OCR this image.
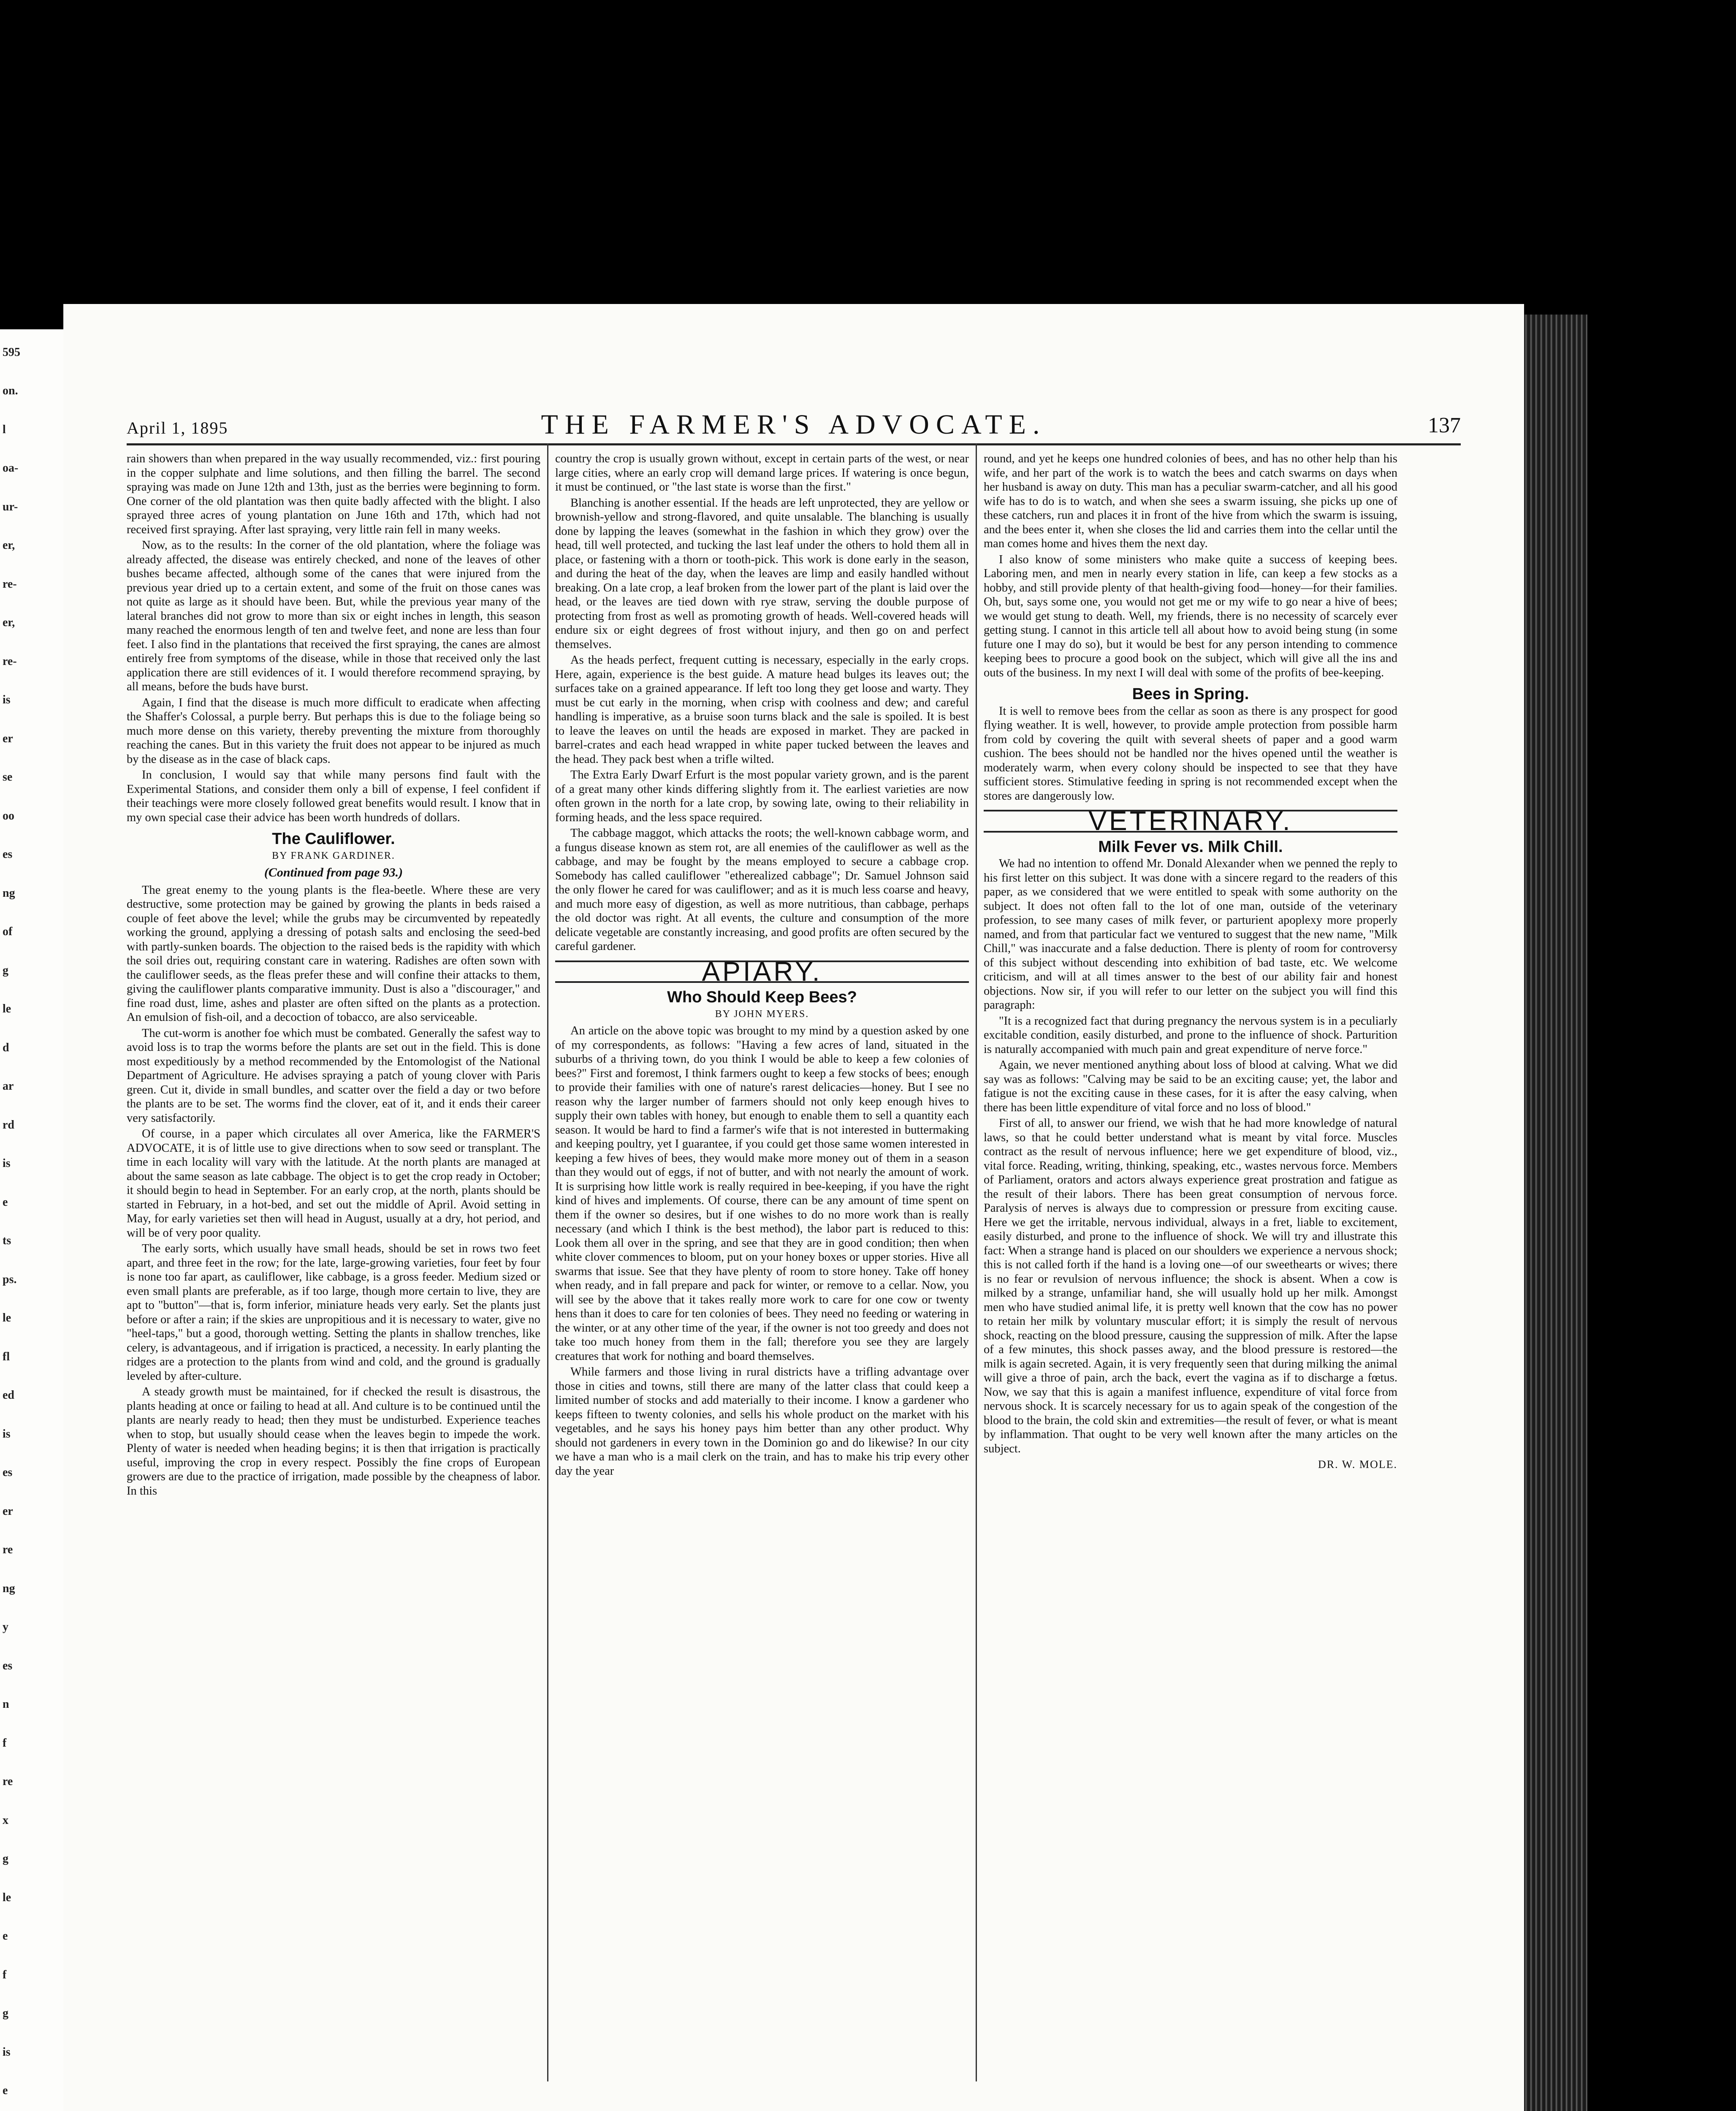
595
on.
l
oa-
ur-
er,
re-
er,
re-
is
er
se
oo
es
ng
of
g
le
d
ar
rd
is
e
ts
ps.
le
fl
ed
is
es
er
re
ng
y
es
n
f
re
x
g
le
e
f
g
is
e
April 1, 1895	THE FARMER'S ADVOCATE.	137

rain showers than when prepared in the way usually recommended, viz.: first pouring in the copper sulphate and lime solutions, and then filling the barrel. The second spraying was made on June 12th and 13th, just as the berries were beginning to form. One corner of the old plantation was then quite badly affected with the blight. I also sprayed three acres of young plantation on June 16th and 17th, which had not received first spraying. After last spraying, very little rain fell in many weeks.

Now, as to the results: In the corner of the old plantation, where the foliage was already affected, the disease was entirely checked, and none of the leaves of other bushes became affected, although some of the canes that were injured from the previous year dried up to a certain extent, and some of the fruit on those canes was not quite as large as it should have been. But, while the previous year many of the lateral branches did not grow to more than six or eight inches in length, this season many reached the enormous length of ten and twelve feet, and none are less than four feet. I also find in the plantations that received the first spraying, the canes are almost entirely free from symptoms of the disease, while in those that received only the last application there are still evidences of it. I would therefore recommend spraying, by all means, before the buds have burst.

Again, I find that the disease is much more difficult to eradicate when affecting the Shaffer's Colossal, a purple berry. But perhaps this is due to the foliage being so much more dense on this variety, thereby preventing the mixture from thoroughly reaching the canes. But in this variety the fruit does not appear to be injured as much by the disease as in the case of black caps.

In conclusion, I would say that while many persons find fault with the Experimental Stations, and consider them only a bill of expense, I feel confident if their teachings were more closely followed great benefits would result. I know that in my own special case their advice has been worth hundreds of dollars.

The Cauliflower.
BY FRANK GARDINER.
(Continued from page 93.)

The great enemy to the young plants is the flea-beetle. Where these are very destructive, some protection may be gained by growing the plants in beds raised a couple of feet above the level; while the grubs may be circumvented by repeatedly working the ground, applying a dressing of potash salts and enclosing the seed-bed with partly-sunken boards. The objection to the raised beds is the rapidity with which the soil dries out, requiring constant care in watering. Radishes are often sown with the cauliflower seeds, as the fleas prefer these and will confine their attacks to them, giving the cauliflower plants comparative immunity. Dust is also a "discourager," and fine road dust, lime, ashes and plaster are often sifted on the plants as a protection. An emulsion of fish-oil, and a decoction of tobacco, are also serviceable.

The cut-worm is another foe which must be combated. Generally the safest way to avoid loss is to trap the worms before the plants are set out in the field. This is done most expeditiously by a method recommended by the Entomologist of the National Department of Agriculture. He advises spraying a patch of young clover with Paris green. Cut it, divide in small bundles, and scatter over the field a day or two before the plants are to be set. The worms find the clover, eat of it, and it ends their career very satisfactorily.

Of course, in a paper which circulates all over America, like the FARMER'S ADVOCATE, it is of little use to give directions when to sow seed or transplant. The time in each locality will vary with the latitude. At the north plants are managed at about the same season as late cabbage. The object is to get the crop ready in October; it should begin to head in September. For an early crop, at the north, plants should be started in February, in a hot-bed, and set out the middle of April. Avoid setting in May, for early varieties set then will head in August, usually at a dry, hot period, and will be of very poor quality.

The early sorts, which usually have small heads, should be set in rows two feet apart, and three feet in the row; for the late, large-growing varieties, four feet by four is none too far apart, as cauliflower, like cabbage, is a gross feeder. Medium sized or even small plants are preferable, as if too large, though more certain to live, they are apt to "button"—that is, form inferior, miniature heads very early. Set the plants just before or after a rain; if the skies are unpropitious and it is necessary to water, give no "heel-taps," but a good, thorough wetting. Setting the plants in shallow trenches, like celery, is advantageous, and if irrigation is practiced, a necessity. In early planting the ridges are a protection to the plants from wind and cold, and the ground is gradually leveled by after-culture.

A steady growth must be maintained, for if checked the result is disastrous, the plants heading at once or failing to head at all. And culture is to be continued until the plants are nearly ready to head; then they must be undisturbed. Experience teaches when to stop, but usually should cease when the leaves begin to impede the work. Plenty of water is needed when heading begins; it is then that irrigation is practically useful, improving the crop in every respect. Possibly the fine crops of European growers are due to the practice of irrigation, made possible by the cheapness of labor. In this

country the crop is usually grown without, except in certain parts of the west, or near large cities, where an early crop will demand large prices. If watering is once begun, it must be continued, or "the last state is worse than the first."

Blanching is another essential. If the heads are left unprotected, they are yellow or brownish-yellow and strong-flavored, and quite unsalable. The blanching is usually done by lapping the leaves (somewhat in the fashion in which they grow) over the head, till well protected, and tucking the last leaf under the others to hold them all in place, or fastening with a thorn or tooth-pick. This work is done early in the season, and during the heat of the day, when the leaves are limp and easily handled without breaking. On a late crop, a leaf broken from the lower part of the plant is laid over the head, or the leaves are tied down with rye straw, serving the double purpose of protecting from frost as well as promoting growth of heads. Well-covered heads will endure six or eight degrees of frost without injury, and then go on and perfect themselves.

As the heads perfect, frequent cutting is necessary, especially in the early crops. Here, again, experience is the best guide. A mature head bulges its leaves out; the surfaces take on a grained appearance. If left too long they get loose and warty. They must be cut early in the morning, when crisp with coolness and dew; and careful handling is imperative, as a bruise soon turns black and the sale is spoiled. It is best to leave the leaves on until the heads are exposed in market. They are packed in barrel-crates and each head wrapped in white paper tucked between the leaves and the head. They pack best when a trifle wilted.

The Extra Early Dwarf Erfurt is the most popular variety grown, and is the parent of a great many other kinds differing slightly from it. The earliest varieties are now often grown in the north for a late crop, by sowing late, owing to their reliability in forming heads, and the less space required.

The cabbage maggot, which attacks the roots; the well-known cabbage worm, and a fungus disease known as stem rot, are all enemies of the cauliflower as well as the cabbage, and may be fought by the means employed to secure a cabbage crop. Somebody has called cauliflower "etherealized cabbage"; Dr. Samuel Johnson said the only flower he cared for was cauliflower; and as it is much less coarse and heavy, and much more easy of digestion, as well as more nutritious, than cabbage, perhaps the old doctor was right. At all events, the culture and consumption of the more delicate vegetable are constantly increasing, and good profits are often secured by the careful gardener.

APIARY.
Who Should Keep Bees?
BY JOHN MYERS.

An article on the above topic was brought to my mind by a question asked by one of my correspondents, as follows: "Having a few acres of land, situated in the suburbs of a thriving town, do you think I would be able to keep a few colonies of bees?" First and foremost, I think farmers ought to keep a few stocks of bees; enough to provide their families with one of nature's rarest delicacies—honey. But I see no reason why the larger number of farmers should not only keep enough hives to supply their own tables with honey, but enough to enable them to sell a quantity each season. It would be hard to find a farmer's wife that is not interested in buttermaking and keeping poultry, yet I guarantee, if you could get those same women interested in keeping a few hives of bees, they would make more money out of them in a season than they would out of eggs, if not of butter, and with not nearly the amount of work. It is surprising how little work is really required in bee-keeping, if you have the right kind of hives and implements. Of course, there can be any amount of time spent on them if the owner so desires, but if one wishes to do no more work than is really necessary (and which I think is the best method), the labor part is reduced to this: Look them all over in the spring, and see that they are in good condition; then when white clover commences to bloom, put on your honey boxes or upper stories. Hive all swarms that issue. See that they have plenty of room to store honey. Take off honey when ready, and in fall prepare and pack for winter, or remove to a cellar. Now, you will see by the above that it takes really more work to care for one cow or twenty hens than it does to care for ten colonies of bees. They need no feeding or watering in the winter, or at any other time of the year, if the owner is not too greedy and does not take too much honey from them in the fall; therefore you see they are largely creatures that work for nothing and board themselves.

While farmers and those living in rural districts have a trifling advantage over those in cities and towns, still there are many of the latter class that could keep a limited number of stocks and add materially to their income. I know a gardener who keeps fifteen to twenty colonies, and sells his whole product on the market with his vegetables, and he says his honey pays him better than any other product. Why should not gardeners in every town in the Dominion go and do likewise? In our city we have a man who is a mail clerk on the train, and has to make his trip every other day the year

round, and yet he keeps one hundred colonies of bees, and has no other help than his wife, and her part of the work is to watch the bees and catch swarms on days when her husband is away on duty. This man has a peculiar swarm-catcher, and all his good wife has to do is to watch, and when she sees a swarm issuing, she picks up one of these catchers, run and places it in front of the hive from which the swarm is issuing, and the bees enter it, when she closes the lid and carries them into the cellar until the man comes home and hives them the next day.

I also know of some ministers who make quite a success of keeping bees. Laboring men, and men in nearly every station in life, can keep a few stocks as a hobby, and still provide plenty of that health-giving food—honey—for their families. Oh, but, says some one, you would not get me or my wife to go near a hive of bees; we would get stung to death. Well, my friends, there is no necessity of scarcely ever getting stung. I cannot in this article tell all about how to avoid being stung (in some future one I may do so), but it would be best for any person intending to commence keeping bees to procure a good book on the subject, which will give all the ins and outs of the business. In my next I will deal with some of the profits of bee-keeping.

Bees in Spring.

It is well to remove bees from the cellar as soon as there is any prospect for good flying weather. It is well, however, to provide ample protection from possible harm from cold by covering the quilt with several sheets of paper and a good warm cushion. The bees should not be handled nor the hives opened until the weather is moderately warm, when every colony should be inspected to see that they have sufficient stores. Stimulative feeding in spring is not recommended except when the stores are dangerously low.

VETERINARY.
Milk Fever vs. Milk Chill.

We had no intention to offend Mr. Donald Alexander when we penned the reply to his first letter on this subject. It was done with a sincere regard to the readers of this paper, as we considered that we were entitled to speak with some authority on the subject. It does not often fall to the lot of one man, outside of the veterinary profession, to see many cases of milk fever, or parturient apoplexy more properly named, and from that particular fact we ventured to suggest that the new name, "Milk Chill," was inaccurate and a false deduction. There is plenty of room for controversy of this subject without descending into exhibition of bad taste, etc. We welcome criticism, and will at all times answer to the best of our ability fair and honest objections. Now sir, if you will refer to our letter on the subject you will find this paragraph:

"It is a recognized fact that during pregnancy the nervous system is in a peculiarly excitable condition, easily disturbed, and prone to the influence of shock. Parturition is naturally accompanied with much pain and great expenditure of nerve force."

Again, we never mentioned anything about loss of blood at calving. What we did say was as follows: "Calving may be said to be an exciting cause; yet, the labor and fatigue is not the exciting cause in these cases, for it is after the easy calving, when there has been little expenditure of vital force and no loss of blood."

First of all, to answer our friend, we wish that he had more knowledge of natural laws, so that he could better understand what is meant by vital force. Muscles contract as the result of nervous influence; here we get expenditure of blood, viz., vital force. Reading, writing, thinking, speaking, etc., wastes nervous force. Members of Parliament, orators and actors always experience great prostration and fatigue as the result of their labors. There has been great consumption of nervous force. Paralysis of nerves is always due to compression or pressure from exciting cause. Here we get the irritable, nervous individual, always in a fret, liable to excitement, easily disturbed, and prone to the influence of shock. We will try and illustrate this fact: When a strange hand is placed on our shoulders we experience a nervous shock; this is not called forth if the hand is a loving one—of our sweethearts or wives; there is no fear or revulsion of nervous influence; the shock is absent. When a cow is milked by a strange, unfamiliar hand, she will usually hold up her milk. Amongst men who have studied animal life, it is pretty well known that the cow has no power to retain her milk by voluntary muscular effort; it is simply the result of nervous shock, reacting on the blood pressure, causing the suppression of milk. After the lapse of a few minutes, this shock passes away, and the blood pressure is restored—the milk is again secreted. Again, it is very frequently seen that during milking the animal will give a throe of pain, arch the back, evert the vagina as if to discharge a fœtus. Now, we say that this is again a manifest influence, expenditure of vital force from nervous shock. It is scarcely necessary for us to again speak of the congestion of the blood to the brain, the cold skin and extremities—the result of fever, or what is meant by inflammation. That ought to be very well known after the many articles on the subject.

DR. W. MOLE.
